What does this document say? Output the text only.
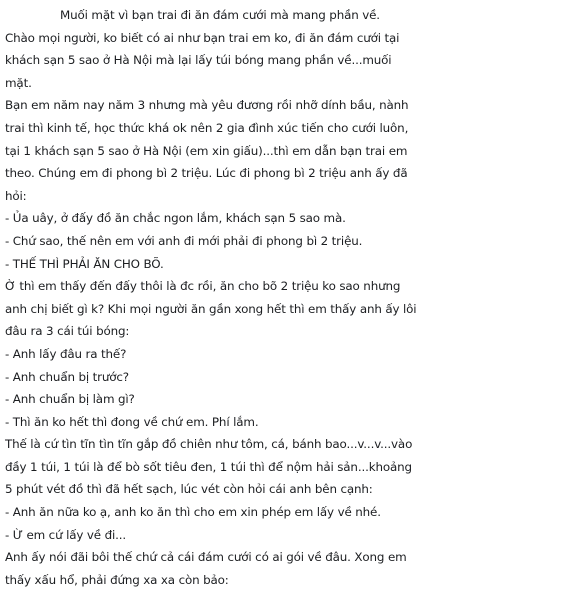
Muối mặt vì bạn trai đi ăn đám cưới mà mang phần về.
Chào mọi người, ko biết có ai như bạn trai em ko, đi ăn đám cưới tại
khách sạn 5 sao ở Hà Nội mà lại lấy túi bóng mang phần về...muối
mặt.
Bạn em năm nay năm 3 nhưng mà yêu đương rồi nhỡ dính bầu, nành
trai thì kinh tế, học thức khá ok nên 2 gia đình xúc tiến cho cưới luôn,
tại 1 khách sạn 5 sao ở Hà Nội (em xin giấu)...thì em dẫn bạn trai em
theo. Chúng em đi phong bì 2 triệu. Lúc đi phong bì 2 triệu anh ấy đã
hỏi:
- Ủa uây, ở đấy đồ ăn chắc ngon lắm, khách sạn 5 sao mà.
- Chứ sao, thế nên em với anh đi mới phải đi phong bì 2 triệu.
- THẾ THÌ PHẢI ĂN CHO BÕ.
Ờ thì em thấy đến đấy thôi là đc rồi, ăn cho bõ 2 triệu ko sao nhưng
anh chị biết gì k? Khi mọi người ăn gần xong hết thì em thấy anh ấy lôi
đâu ra 3 cái túi bóng:
- Anh lấy đâu ra thế?
- Anh chuẩn bị trước?
- Anh chuẩn bị làm gì?
- Thì ăn ko hết thì đong về chứ em. Phí lắm.
Thế là cứ tìn tĩn tìn tĩn gắp đồ chiên như tôm, cá, bánh bao...v...v...vào
đầy 1 túi, 1 túi là để bò sốt tiêu đen, 1 túi thì để nộm hải sản...khoảng
5 phút vét đồ thì đã hết sạch, lúc vét còn hỏi cái anh bên cạnh:
- Anh ăn nữa ko ạ, anh ko ăn thì cho em xin phép em lấy về nhé.
- Ừ em cứ lấy về đi...
Anh ấy nói đãi bôi thế chứ cả cái đám cưới có ai gói về đâu. Xong em
thấy xấu hổ, phải đứng xa xa còn bảo:
